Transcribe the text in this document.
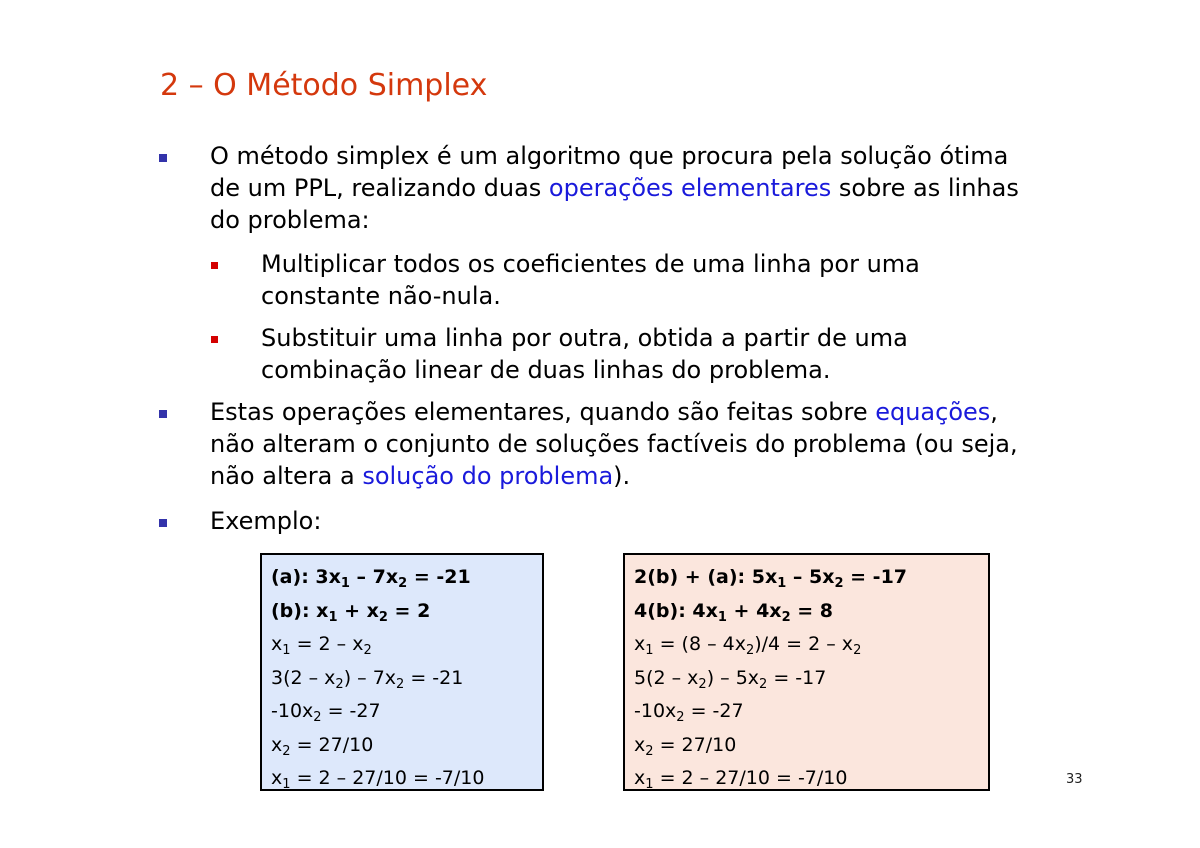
2 – O Método Simplex
O método simplex é um algoritmo que procura pela solução ótima
de um PPL, realizando duas operações elementares sobre as linhas
do problema:
Multiplicar todos os coeficientes de uma linha por uma
constante não-nula.
Substituir uma linha por outra, obtida a partir de uma
combinação linear de duas linhas do problema.
Estas operações elementares, quando são feitas sobre equações,
não alteram o conjunto de soluções factíveis do problema (ou seja,
não altera a solução do problema).
Exemplo:
(a): $3x_1 - 7x_2 = -21$
(b): $x_1 + x_2 = 2$
$x_1 = 2 - x_2$
$3(2 - x_2) - 7x_2 = -21$
$-10x_2 = -27$
$x_2 = 27/10$
$x_1 = 2 - 27/10 = -7/10$
2(b) + (a): $5x_1 - 5x_2 = -17$
4(b): $4x_1 + 4x_2 = 8$
$x_1 = (8 - 4x_2)/4 = 2 - x_2$
$5(2 - x_2) - 5x_2 = -17$
$-10x_2 = -27$
$x_2 = 27/10$
$x_1 = 2 - 27/10 = -7/10$	33
